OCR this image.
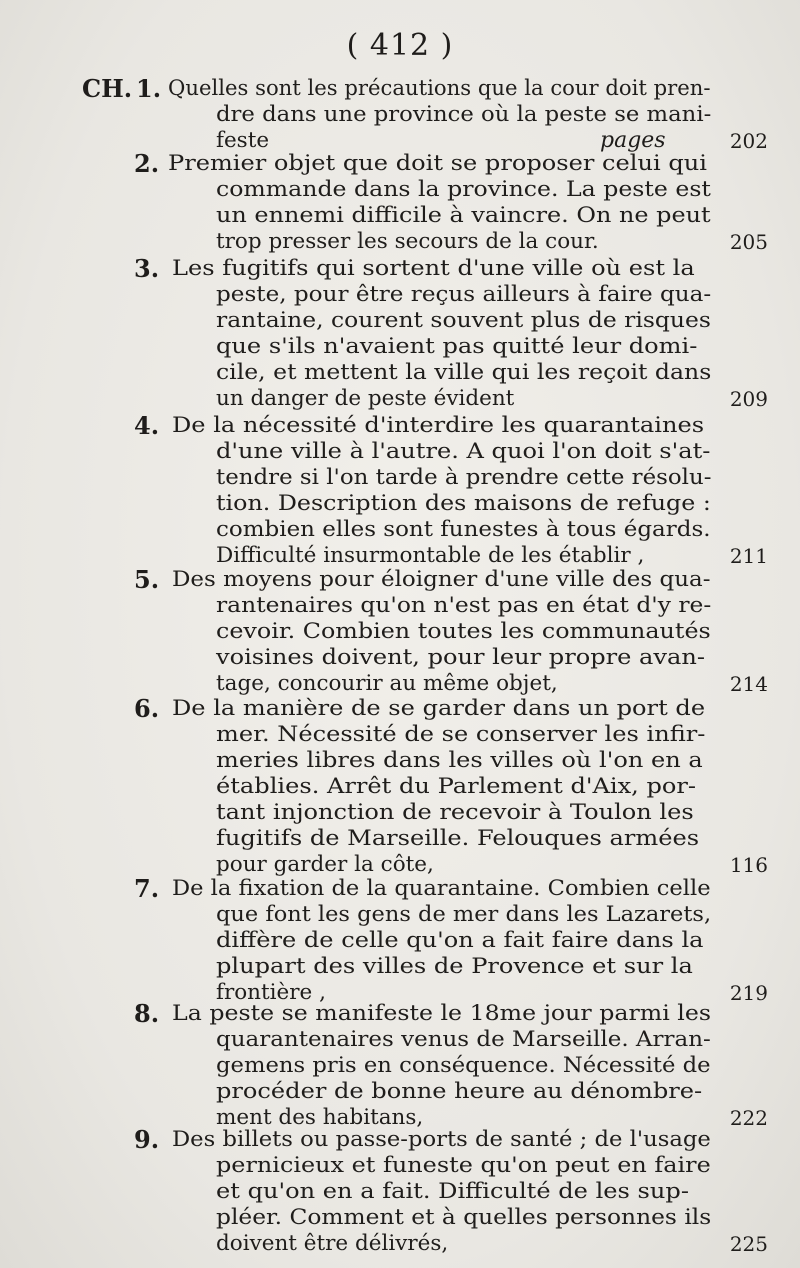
( 412 )
CH. 1. Quelles sont les précautions que la cour doit pren-
dre dans une province où la peste se mani-
feste	pages	202
2. Premier objet que doit se proposer celui qui
commande dans la province. La peste est
un ennemi difficile à vaincre. On ne peut
trop presser les secours de la cour.	205
3. Les fugitifs qui sortent d'une ville où est la
peste, pour être reçus ailleurs à faire qua-
rantaine, courent souvent plus de risques
que s'ils n'avaient pas quitté leur domi-
cile, et mettent la ville qui les reçoit dans
un danger de peste évident	209
4. De la nécessité d'interdire les quarantaines
d'une ville à l'autre. A quoi l'on doit s'at-
tendre si l'on tarde à prendre cette résolu-
tion. Description des maisons de refuge :
combien elles sont funestes à tous égards.
Difficulté insurmontable de les établir ,	211
5. Des moyens pour éloigner d'une ville des qua-
rantenaires qu'on n'est pas en état d'y re-
cevoir. Combien toutes les communautés
voisines doivent, pour leur propre avan-
tage, concourir au même objet,	214
6. De la manière de se garder dans un port de
mer. Nécessité de se conserver les infir-
meries libres dans les villes où l'on en a
établies. Arrêt du Parlement d'Aix, por-
tant injonction de recevoir à Toulon les
fugitifs de Marseille. Felouques armées
pour garder la côte,	116
7. De la fixation de la quarantaine. Combien celle
que font les gens de mer dans les Lazarets,
diffère de celle qu'on a fait faire dans la
plupart des villes de Provence et sur la
frontière ,	219
8. La peste se manifeste le 18me jour parmi les
quarantenaires venus de Marseille. Arran-
gemens pris en conséquence. Nécessité de
procéder de bonne heure au dénombre-
ment des habitans,	222
9. Des billets ou passe-ports de santé ; de l'usage
pernicieux et funeste qu'on peut en faire
et qu'on en a fait. Difficulté de les sup-
pléer. Comment et à quelles personnes ils
doivent être délivrés,	225
